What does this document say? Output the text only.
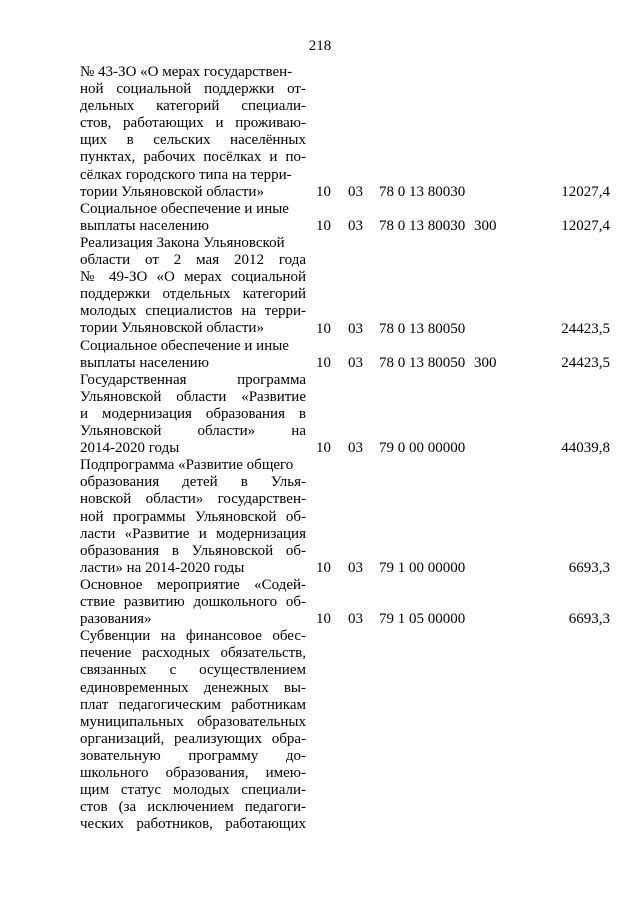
218
№ 43-ЗО «О мерах государствен-
ной социальной поддержки от-
дельных категорий специали-
стов, работающих и проживаю-
щих в сельских населённых
пунктах, рабочих посёлках и по-
сёлках городского типа на терри-
тории Ульяновской области»	10 03 78 0 13 80030	12027,4
Социальное обеспечение и иные
выплаты населению	10 03 78 0 13 80030 300	12027,4
Реализация Закона Ульяновской
области от 2 мая 2012 года
№ 49-ЗО «О мерах социальной
поддержки отдельных категорий
молодых специалистов на терри-
тории Ульяновской области»	10 03 78 0 13 80050	24423,5
Социальное обеспечение и иные
выплаты населению	10 03 78 0 13 80050 300	24423,5
Государственная программа
Ульяновской области «Развитие
и модернизация образования в
Ульяновской области» на
2014-2020 годы	10 03 79 0 00 00000	44039,8
Подпрограмма «Развитие общего
образования детей в Улья-
новской области» государствен-
ной программы Ульяновской об-
ласти «Развитие и модернизация
образования в Ульяновской об-
ласти» на 2014-2020 годы	10 03 79 1 00 00000	6693,3
Основное мероприятие «Содей-
ствие развитию дошкольного об-
разования»	10 03 79 1 05 00000	6693,3
Субвенции на финансовое обес-
печение расходных обязательств,
связанных с осуществлением
единовременных денежных вы-
плат педагогическим работникам
муниципальных образовательных
организаций, реализующих обра-
зовательную программу до-
школьного образования, имею-
щим статус молодых специали-
стов (за исключением педагоги-
ческих работников, работающих
